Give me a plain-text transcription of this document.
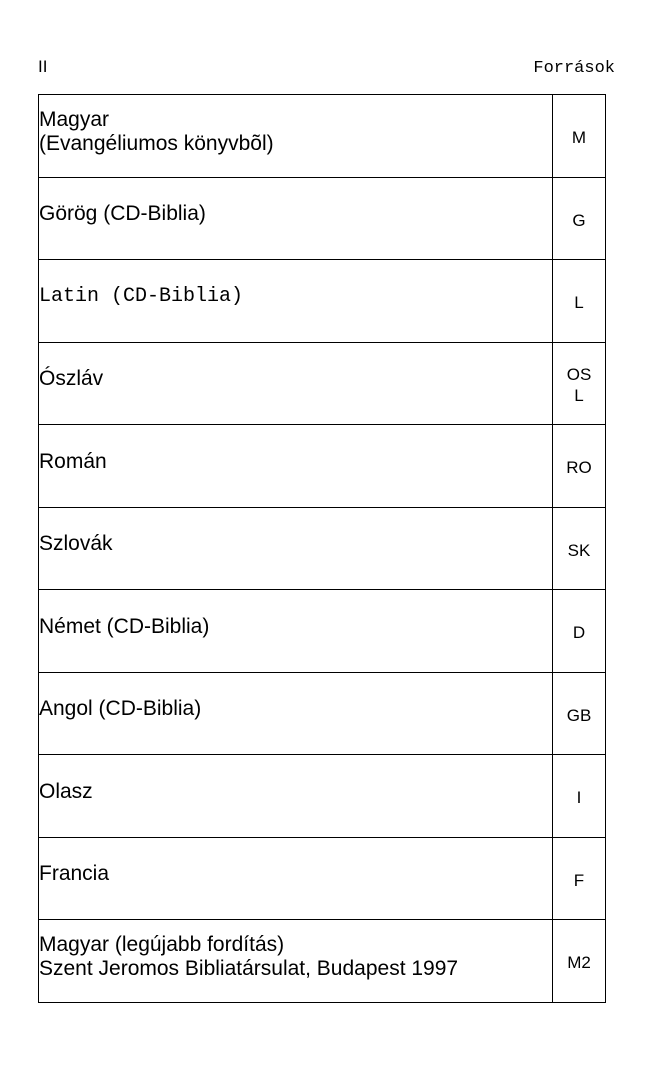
II	Források
Magyar
(Evangéliumos könyvbõl)	M

Görög (CD-Biblia)	G

Latin (CD-Biblia)	L

Ószláv	OS
L

Román	RO

Szlovák	SK

Német (CD-Biblia)	D

Angol (CD-Biblia)	GB

Olasz	I

Francia	F

Magyar (legújabb fordítás)
Szent Jeromos Bibliatársulat, Budapest 1997	M2
